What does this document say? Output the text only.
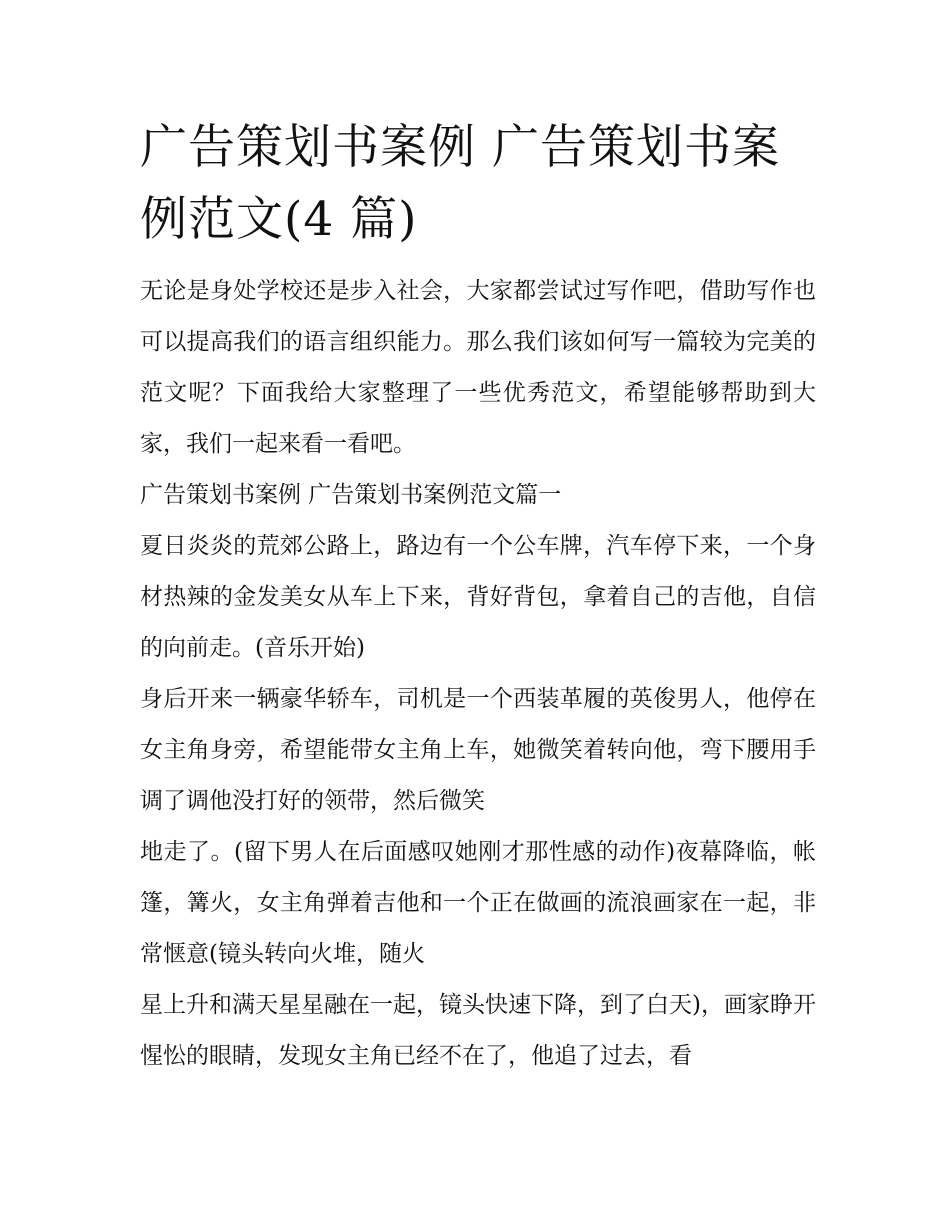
广告策划书案例 广告策划书案例范文(4 篇)

无论是身处学校还是步入社会，大家都尝试过写作吧，借助写作也可以提高我们的语言组织能力。那么我们该如何写一篇较为完美的范文呢？下面我给大家整理了一些优秀范文，希望能够帮助到大家，我们一起来看一看吧。

广告策划书案例 广告策划书案例范文篇一

夏日炎炎的荒郊公路上，路边有一个公车牌，汽车停下来，一个身材热辣的金发美女从车上下来，背好背包，拿着自己的吉他，自信的向前走。(音乐开始)

身后开来一辆豪华轿车，司机是一个西装革履的英俊男人，他停在女主角身旁，希望能带女主角上车，她微笑着转向他，弯下腰用手调了调他没打好的领带，然后微笑

地走了。(留下男人在后面感叹她刚才那性感的动作)夜幕降临，帐篷，篝火，女主角弹着吉他和一个正在做画的流浪画家在一起，非常惬意(镜头转向火堆，随火

星上升和满天星星融在一起，镜头快速下降，到了白天)，画家睁开惺忪的眼睛，发现女主角已经不在了，他追了过去，看
